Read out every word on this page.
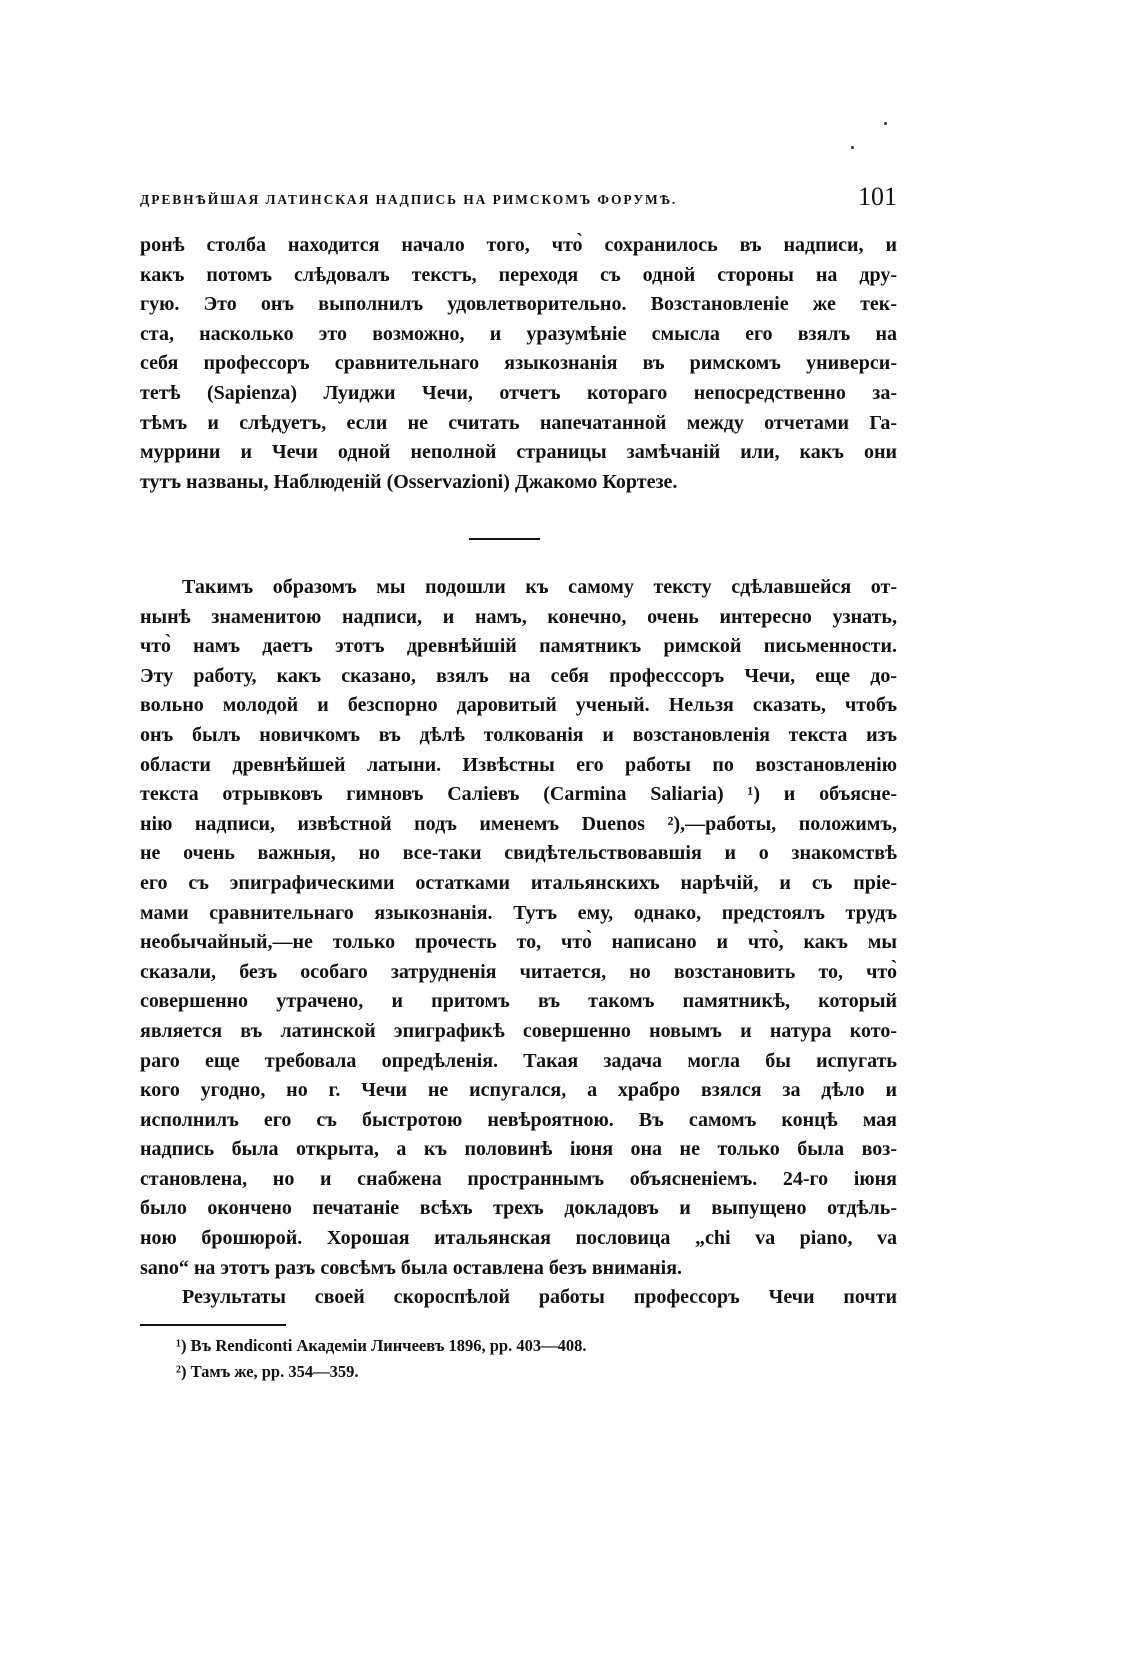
ДРЕВНѢЙШАЯ ЛАТИНСКАЯ НАДПИСЬ НА РИМСКОМЪ ФОРУМѢ.	101
ронѣ столба находится начало того, что̀ сохранилось въ надписи, и
какъ потомъ слѣдовалъ текстъ, переходя съ одной стороны на дру-
гую. Это онъ выполнилъ удовлетворительно. Возстановленіе же тек-
ста, насколько это возможно, и уразумѣніе смысла его взялъ на
себя профессоръ сравнительнаго языкознанія въ римскомъ универси-
тетѣ (Sapienza) Луиджи Чечи, отчетъ котораго непосредственно за-
тѣмъ и слѣдуетъ, если не считать напечатанной между отчетами Га-
муррини и Чечи одной неполной страницы замѣчаній или, какъ они
тутъ названы, Наблюденій (Osservazioni) Джакомо Кортезе.
Такимъ образомъ мы подошли къ самому тексту сдѣлавшейся от-
нынѣ знаменитою надписи, и намъ, конечно, очень интересно узнать,
что̀ намъ даетъ этотъ древнѣйшій памятникъ римской письменности.
Эту работу, какъ сказано, взялъ на себя професссоръ Чечи, еще до-
вольно молодой и безспорно даровитый ученый. Нельзя сказать, чтобъ
онъ былъ новичкомъ въ дѣлѣ толкованія и возстановленія текста изъ
области древнѣйшей латыни. Извѣстны его работы по возстановленію
текста отрывковъ гимновъ Саліевъ (Carmina Saliaria) ¹) и объясне-
нію надписи, извѣстной подъ именемъ Duenos ²),—работы, положимъ,
не очень важныя, но все-таки свидѣтельствовавшія и о знакомствѣ
его съ эпиграфическими остатками итальянскихъ нарѣчій, и съ прiе-
мами сравнительнаго языкознанія. Тутъ ему, однако, предстоялъ трудъ
необычайный,—не только прочесть то, что̀ написано и что̀, какъ мы
сказали, безъ особаго затрудненія читается, но возстановить то, что̀
совершенно утрачено, и притомъ въ такомъ памятникѣ, который
является въ латинской эпиграфикѣ совершенно новымъ и натура кото-
раго еще требовала опредѣленія. Такая задача могла бы испугать
кого угодно, но г. Чечи не испугался, а храбро взялся за дѣло и
исполнилъ его съ быстротою невѣроятною. Въ самомъ концѣ мая
надпись была открыта, а къ половинѣ іюня она не только была воз-
становлена, но и снабжена пространнымъ объясненіемъ. 24-го іюня
было окончено печатаніе всѣхъ трехъ докладовъ и выпущено отдѣль-
ною брошюрой. Хорошая итальянская пословица „chi va piano, va
sano“ на этотъ разъ совсѣмъ была оставлена безъ вниманія.
Результаты своей скороспѣлой работы профессоръ Чечи почти
¹) Въ Rendiconti Академіи Линчеевъ 1896, pp. 403—408.
²) Тамъ же, pp. 354—359.
